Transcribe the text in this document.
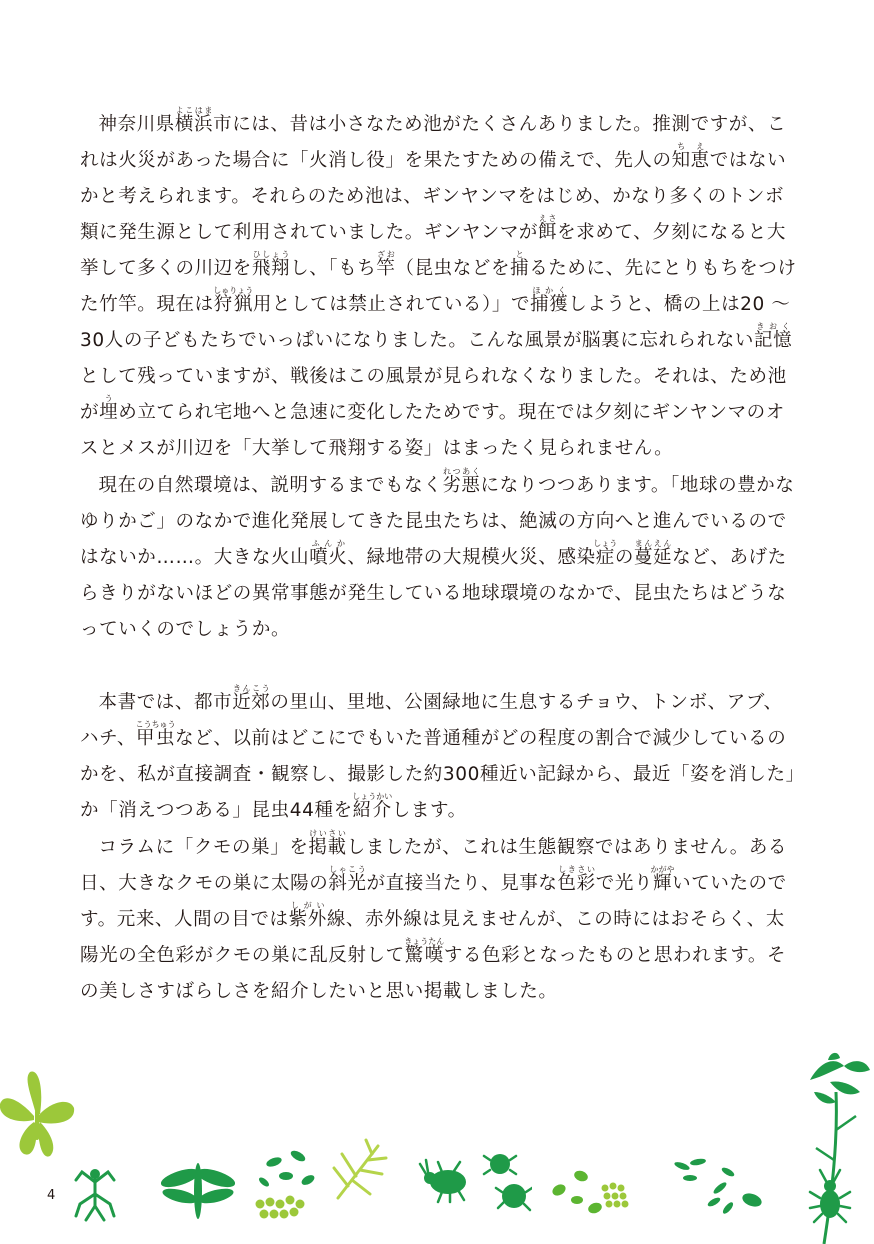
神奈川県横浜よこはま市には、昔は小さなため池がたくさんありました。推測ですが、これは火災があった場合に「火消し役」を果たすための備えで、先人の知恵ちえではないかと考えられます。それらのため池は、ギンヤンマをはじめ、かなり多くのトンボ類に発生源として利用されていました。ギンヤンマが餌えさを求めて、夕刻になると大挙して多くの川辺を飛翔ひしょうし、「もち竿ざお（昆虫などを捕とるために、先にとりもちをつけた竹竿。現在は狩猟しゅりょう用としては禁止されている）」で捕獲ほかくしようと、橋の上は20 〜 30人の子どもたちでいっぱいになりました。こんな風景が脳裏に忘れられない記憶きおくとして残っていますが、戦後はこの風景が見られなくなりました。それは、ため池が埋うめ立てられ宅地へと急速に変化したためです。現在では夕刻にギンヤンマのオスとメスが川辺を「大挙して飛翔する姿」はまったく見られません。

現在の自然環境は、説明するまでもなく劣悪れつあくになりつつあります。「地球の豊かなゆりかご」のなかで進化発展してきた昆虫たちは、絶滅の方向へと進んでいるのではないか……。大きな火山噴火ふんか、緑地帯の大規模火災、感染症しょうの蔓延まんえんなど、あげたらきりがないほどの異常事態が発生している地球環境のなかで、昆虫たちはどうなっていくのでしょうか。

本書では、都市近郊きんこうの里山、里地、公園緑地に生息するチョウ、トンボ、アブ、ハチ、甲虫こうちゅうなど、以前はどこにでもいた普通種がどの程度の割合で減少しているのかを、私が直接調査・観察し、撮影した約300種近い記録から、最近「姿を消した」か「消えつつある」昆虫44種を紹介しょうかいします。

コラムに「クモの巣」を掲載けいさいしましたが、これは生態観察ではありません。ある日、大きなクモの巣に太陽の斜光しゃこうが直接当たり、見事な色彩しきさいで光り輝かがやいていたのです。元来、人間の目では紫外しがい線、赤外線は見えませんが、この時にはおそらく、太陽光の全色彩がクモの巣に乱反射して驚嘆きょうたんする色彩となったものと思われます。その美しさすばらしさを紹介したいと思い掲載しました。

4
